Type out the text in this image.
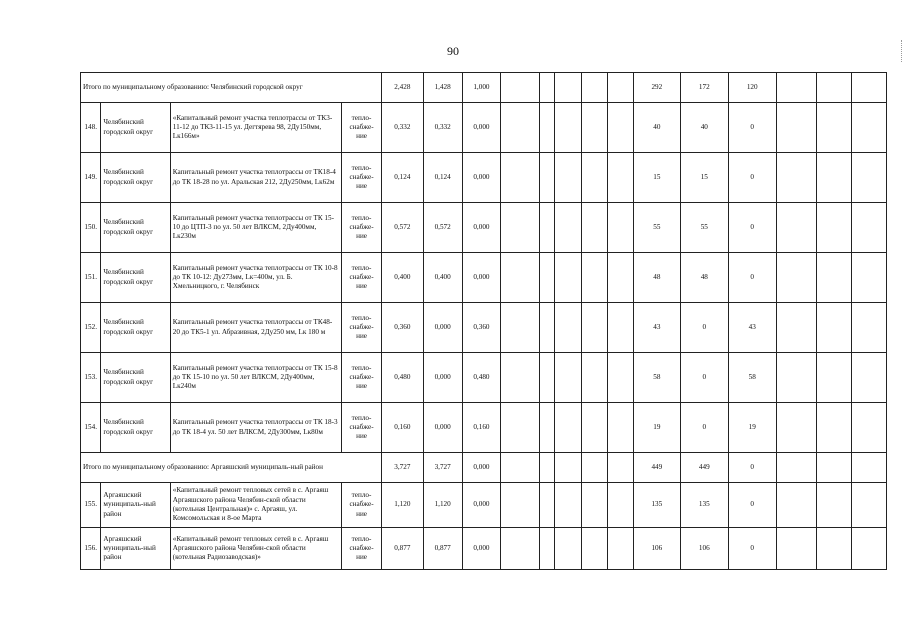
90
Итого по муниципальному образованию: Челябинский городской округ				2,428	1,428	1,000						292	172	120			
148.	Челябинский городской округ	«Капитальный ремонт участка теплотрассы от ТК3-11-12 до ТК3-11-15 ул. Дегтярева 98, 2Ду150мм, Lк166м»	тепло-снабже-ние	0,332	0,332	0,000						40	40	0			
149.	Челябинский городской округ	Капитальный ремонт участка теплотрассы от ТК18-4 до ТК 18-28 по ул. Аральская 212, 2Ду250мм, Lк62м	тепло-снабже-ние	0,124	0,124	0,000						15	15	0			
150.	Челябинский городской округ	Капитальный ремонт участка теплотрассы от ТК 15-10 до ЦТП-3 по ул. 50 лет ВЛКСМ, 2Ду400мм, Lк230м	тепло-снабже-ние	0,572	0,572	0,000						55	55	0			
151.	Челябинский городской округ	Капитальный ремонт участка теплотрассы от ТК 10-8 до ТК 10-12: Ду273мм, Lк=400м, ул. Б. Хмельницкого, г. Челябинск	тепло-снабже-ние	0,400	0,400	0,000						48	48	0			
152.	Челябинский городской округ	Капитальный ремонт участка теплотрассы от ТК48-20 до ТК5-1 ул. Абразивная, 2Ду250 мм, Lк 180 м	тепло-снабже-ние	0,360	0,000	0,360						43	0	43			
153.	Челябинский городской округ	Капитальный ремонт участка теплотрассы от ТК 15-8 до ТК 15-10 по ул. 50 лет ВЛКСМ, 2Ду400мм, Lк240м	тепло-снабже-ние	0,480	0,000	0,480						58	0	58			
154.	Челябинский городской округ	Капитальный ремонт участка теплотрассы от ТК 18-3 до ТК 18-4 ул. 50 лет ВЛКСМ, 2Ду300мм, Lк80м	тепло-снабже-ние	0,160	0,000	0,160						19	0	19			
Итого по муниципальному образованию: Аргаяшский муниципаль-ный район				3,727	3,727	0,000						449	449	0			
155.	Аргаяшский муниципаль-ный район	«Капитальный ремонт тепловых сетей в с. Аргаяш Аргаяшского района Челябин-ской области (котельная Центральная)» с. Аргаяш, ул. Комсомольская и 8-ое Марта	тепло-снабже-ние	1,120	1,120	0,000						135	135	0			
156.	Аргаяшский муниципаль-ный район	«Капитальный ремонт тепловых сетей в с. Аргаяш Аргаяшского района Челябин-ской области (котельная Радиозаводская)»	тепло-снабже-ние	0,877	0,877	0,000						106	106	0			
